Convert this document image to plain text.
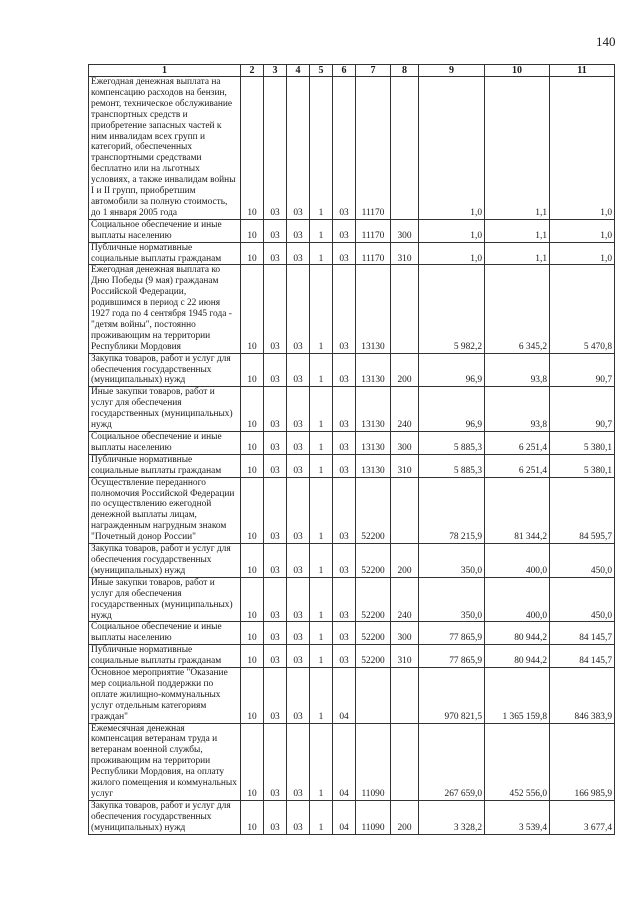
140
1	2	3	4	5	6	7	8	9	10	11
Ежегодная денежная выплата на компенсацию расходов на бензин, ремонт, техническое обслуживание транспортных средств и приобретение запасных частей к ним инвалидам всех групп и категорий, обеспеченных транспортными средствами бесплатно или на льготных условиях, а также инвалидам войны I и II групп, приобретшим автомобили за полную стоимость, до 1 января 2005 года	10	03	03	1	03	11170		1,0	1,1	1,0
Социальное обеспечение и иные выплаты населению	10	03	03	1	03	11170	300	1,0	1,1	1,0
Публичные нормативные социальные выплаты гражданам	10	03	03	1	03	11170	310	1,0	1,1	1,0
Ежегодная денежная выплата ко Дню Победы (9 мая) гражданам Российской Федерации, родившимся в период с 22 июня 1927 года по 4 сентября 1945 года - "детям войны", постоянно проживающим на территории Республики Мордовия	10	03	03	1	03	13130		5 982,2	6 345,2	5 470,8
Закупка товаров, работ и услуг для обеспечения государственных (муниципальных) нужд	10	03	03	1	03	13130	200	96,9	93,8	90,7
Иные закупки товаров, работ и услуг для обеспечения государственных (муниципальных) нужд	10	03	03	1	03	13130	240	96,9	93,8	90,7
Социальное обеспечение и иные выплаты населению	10	03	03	1	03	13130	300	5 885,3	6 251,4	5 380,1
Публичные нормативные социальные выплаты гражданам	10	03	03	1	03	13130	310	5 885,3	6 251,4	5 380,1
Осуществление переданного полномочия Российской Федерации по осуществлению ежегодной денежной выплаты лицам, награжденным нагрудным знаком "Почетный донор России"	10	03	03	1	03	52200		78 215,9	81 344,2	84 595,7
Закупка товаров, работ и услуг для обеспечения государственных (муниципальных) нужд	10	03	03	1	03	52200	200	350,0	400,0	450,0
Иные закупки товаров, работ и услуг для обеспечения государственных (муниципальных) нужд	10	03	03	1	03	52200	240	350,0	400,0	450,0
Социальное обеспечение и иные выплаты населению	10	03	03	1	03	52200	300	77 865,9	80 944,2	84 145,7
Публичные нормативные социальные выплаты гражданам	10	03	03	1	03	52200	310	77 865,9	80 944,2	84 145,7
Основное мероприятие "Оказание мер социальной поддержки по оплате жилищно-коммунальных услуг отдельным категориям граждан"	10	03	03	1	04			970 821,5	1 365 159,8	846 383,9
Ежемесячная денежная компенсация ветеранам труда и ветеранам военной службы, проживающим на территории Республики Мордовия, на оплату жилого помещения и коммунальных услуг	10	03	03	1	04	11090		267 659,0	452 556,0	166 985,9
Закупка товаров, работ и услуг для обеспечения государственных (муниципальных) нужд	10	03	03	1	04	11090	200	3 328,2	3 539,4	3 677,4
